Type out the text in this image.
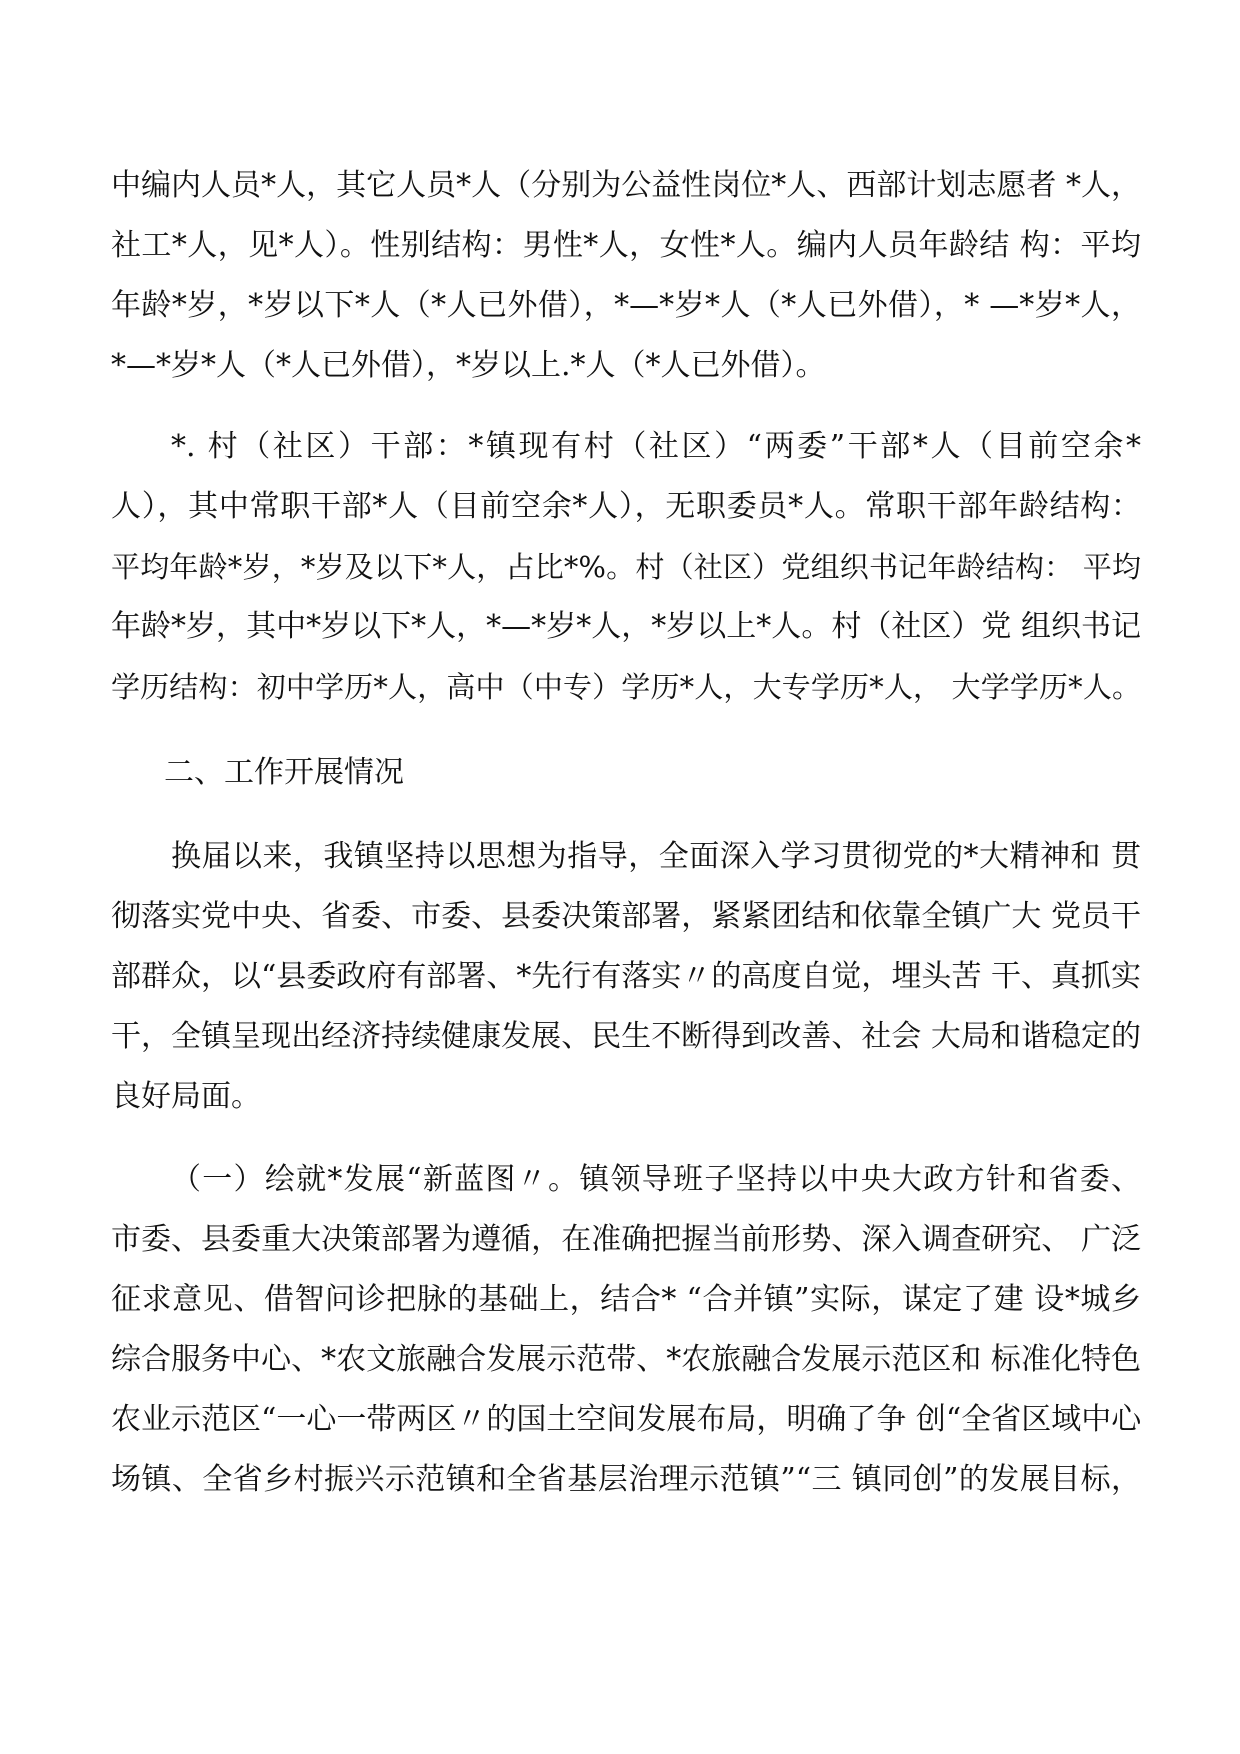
中编内人员*人，其它人员*人（分别为公益性岗位*人、西部计划志愿者 *人，
社工*人，见*人）。性别结构：男性*人，女性*人。编内人员年龄结 构：平均
年龄*岁，*岁以下*人（*人已外借），*—*岁*人（*人已外借），* —*岁*人，
*—*岁*人（*人已外借），*岁以上.*人（*人已外借）。
*. 村（社区）干部：*镇现有村（社区）“两委”干部*人（目前空余*
人），其中常职干部*人（目前空余*人），无职委员*人。常职干部年龄结构：
平均年龄*岁，*岁及以下*人，占比*%。村（社区）党组织书记年龄结构： 平均
年龄*岁，其中*岁以下*人，*—*岁*人，*岁以上*人。村（社区）党 组织书记
学历结构：初中学历*人，高中（中专）学历*人，大专学历*人， 大学学历*人。
二、工作开展情况
换届以来，我镇坚持以思想为指导，全面深入学习贯彻党的*大精神和 贯
彻落实党中央、省委、市委、县委决策部署，紧紧团结和依靠全镇广大 党员干
部群众，以“县委政府有部署、*先行有落实〃的高度自觉，埋头苦 干、真抓实
干，全镇呈现出经济持续健康发展、民生不断得到改善、社会 大局和谐稳定的
良好局面。
（一）绘就*发展“新蓝图〃。镇领导班子坚持以中央大政方针和省委、
市委、县委重大决策部署为遵循，在准确把握当前形势、深入调查研究、 广泛
征求意见、借智问诊把脉的基础上，结合* “合并镇”实际，谋定了建 设*城乡
综合服务中心、*农文旅融合发展示范带、*农旅融合发展示范区和 标准化特色
农业示范区“一心一带两区〃的国土空间发展布局，明确了争 创“全省区域中心
场镇、全省乡村振兴示范镇和全省基层治理示范镇”“三 镇同创”的发展目标，
